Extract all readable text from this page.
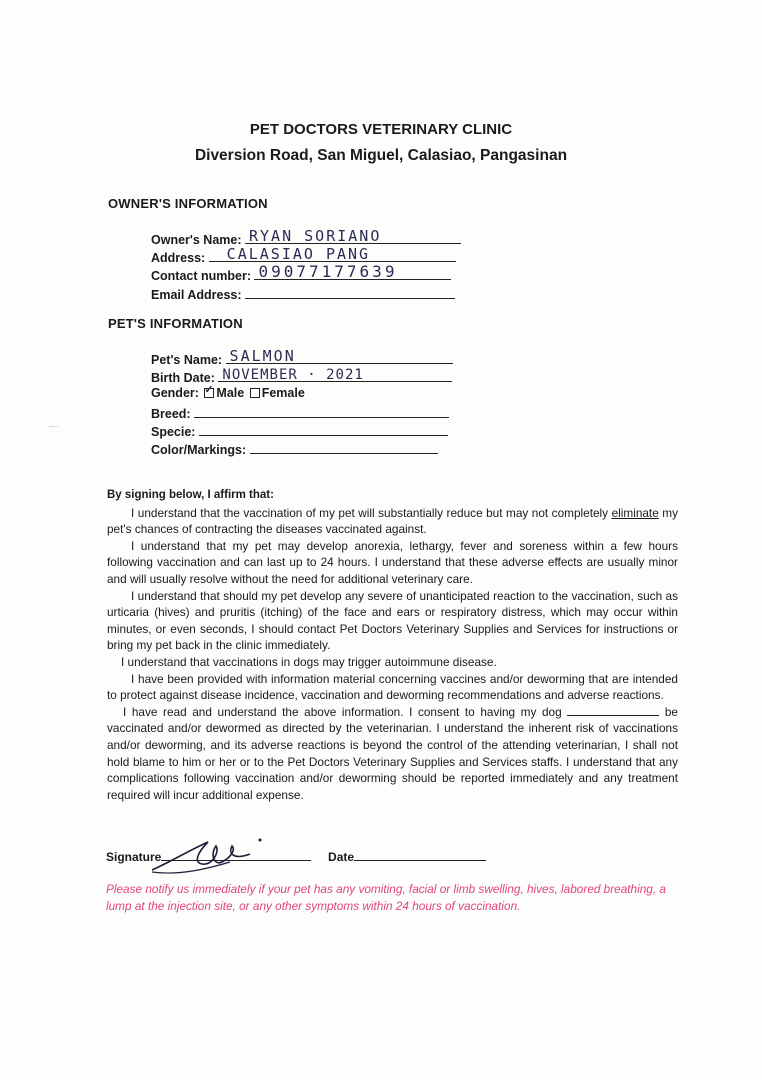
PET DOCTORS VETERINARY CLINIC
Diversion Road, San Miguel, Calasiao, Pangasinan
OWNER'S INFORMATION
Owner's Name: RYAN SORIANO
Address: CALASIAO PANG
Contact number: 09077177639
Email Address:
PET'S INFORMATION
Pet's Name: SALMON
Birth Date: NOVEMBER · 2021
Gender: ✓ Male Female
Breed:
Specie:
Color/Markings:

By signing below, I affirm that:

I understand that the vaccination of my pet will substantially reduce but may not completely eliminate my pet's chances of contracting the diseases vaccinated against.

I understand that my pet may develop anorexia, lethargy, fever and soreness within a few hours following vaccination and can last up to 24 hours. I understand that these adverse effects are usually minor and will usually resolve without the need for additional veterinary care.

I understand that should my pet develop any severe of unanticipated reaction to the vaccination, such as urticaria (hives) and pruritis (itching) of the face and ears or respiratory distress, which may occur within minutes, or even seconds, I should contact Pet Doctors Veterinary Supplies and Services for instructions or bring my pet back in the clinic immediately.

I understand that vaccinations in dogs may trigger autoimmune disease.

I have been provided with information material concerning vaccines and/or deworming that are intended to protect against disease incidence, vaccination and deworming recommendations and adverse reactions.

I have read and understand the above information. I consent to having my dog	be vaccinated and/or dewormed as directed by the veterinarian. I understand the inherent risk of vaccinations and/or deworming, and its adverse reactions is beyond the control of the attending veterinarian, I shall not hold blame to him or her or to the Pet Doctors Veterinary Supplies and Services staffs. I understand that any complications following vaccination and/or deworming should be reported immediately and any treatment required will incur additional expense.

Signature	Date
Please notify us immediately if your pet has any vomiting, facial or limb swelling, hives, labored breathing, a lump at the injection site, or any other symptoms within 24 hours of vaccination.
·-··
